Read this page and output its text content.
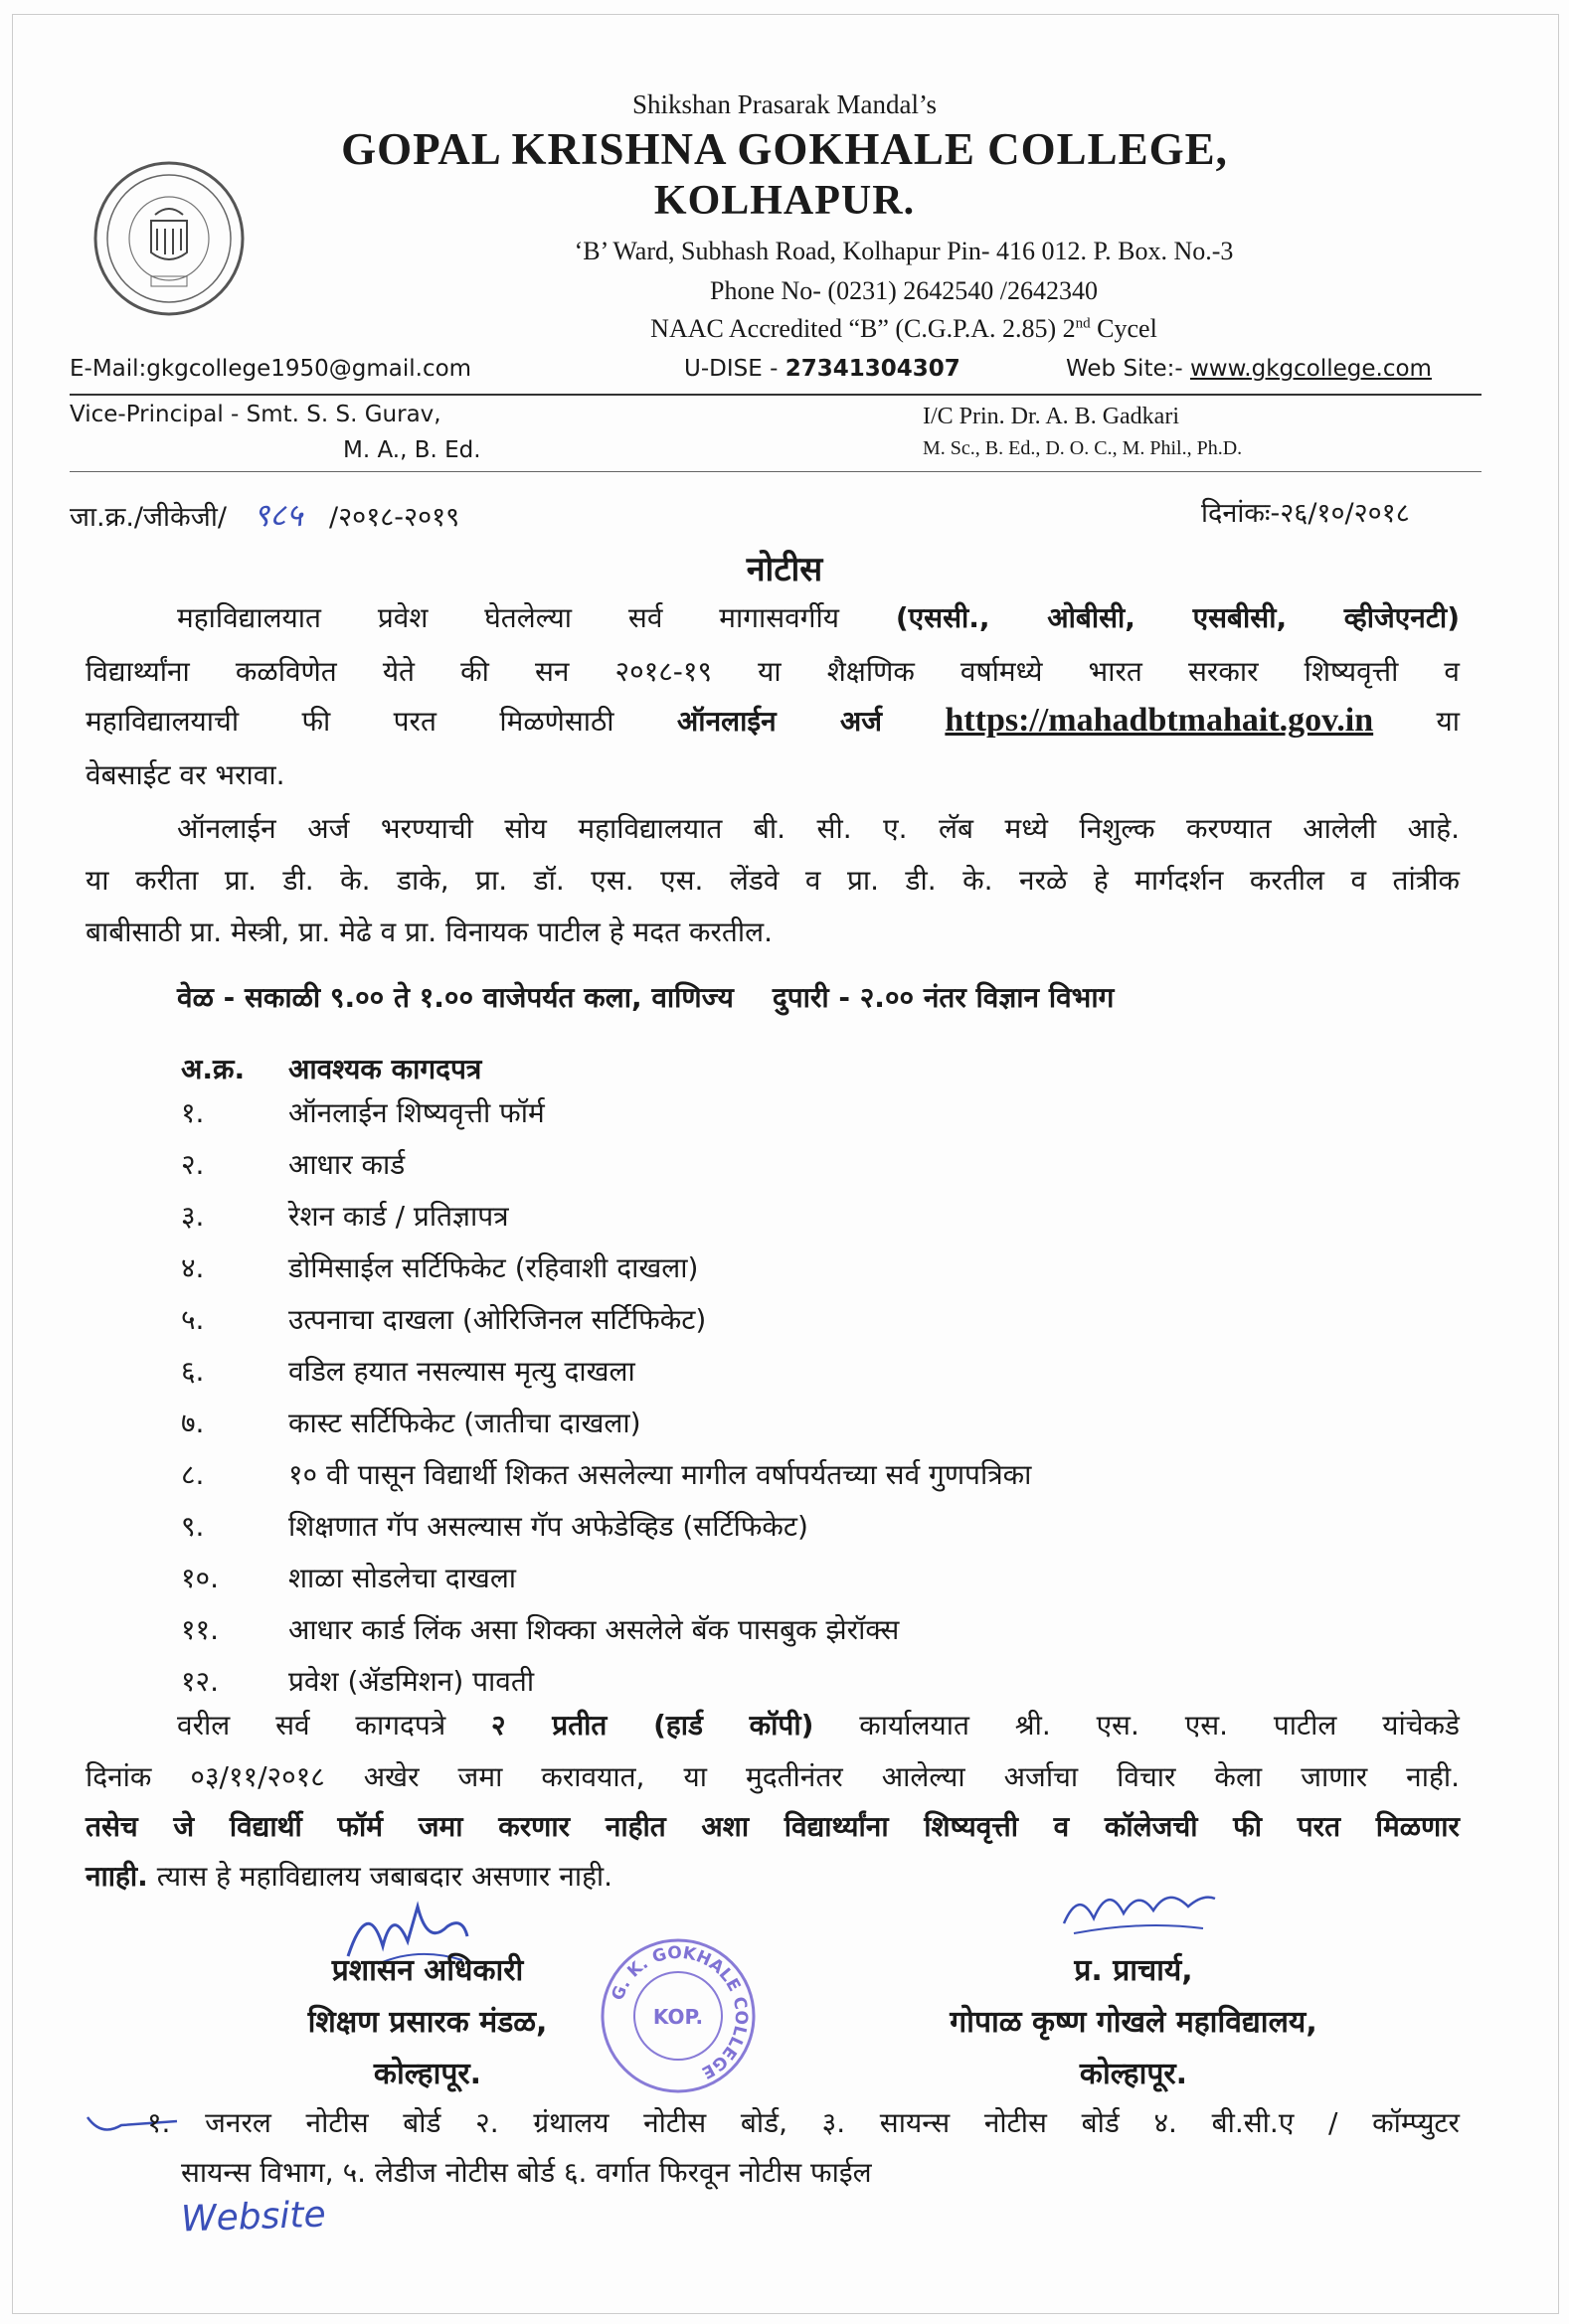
Shikshan Prasarak Mandal’s
GOPAL KRISHNA GOKHALE COLLEGE,
KOLHAPUR.
‘B’ Ward, Subhash Road, Kolhapur Pin- 416 012. P. Box. No.-3
Phone No- (0231) 2642540 /2642340
NAAC Accredited “B” (C.G.P.A. 2.85) 2nd Cycel
E-Mail:gkgcollege1950@gmail.com	U-DISE - 27341304307	Web Site:- www.gkgcollege.com
Vice-Principal - Smt. S. S. Gurav,
M. A., B. Ed.
I/C Prin. Dr. A. B. Gadkari
M. Sc., B. Ed., D. O. C., M. Phil., Ph.D.
जा.क्र./जीकेजी/ ९८५ /२०१८-२०१९	दिनांकः-२६/१०/२०१८
नोटीस
महाविद्यालयात प्रवेश घेतलेल्या सर्व मागासवर्गीय (एससी., ओबीसी, एसबीसी, व्हीजेएनटी)
विद्यार्थ्यांना कळविणेत येते की सन २०१८-१९ या शैक्षणिक वर्षामध्ये भारत सरकार शिष्यवृत्ती व
महाविद्यालयाची फी परत मिळणेसाठी ऑनलाईन अर्ज https://mahadbtmahait.gov.in या
वेबसाईट वर भरावा.
ऑनलाईन अर्ज भरण्याची सोय महाविद्यालयात बी. सी. ए. लॅब मध्ये निशुल्क करण्यात आलेली आहे.
या करीता प्रा. डी. के. डाके, प्रा. डॉ. एस. एस. लेंडवे व प्रा. डी. के. नरळे हे मार्गदर्शन करतील व तांत्रीक
बाबीसाठी प्रा. मेस्त्री, प्रा. मेढे व प्रा. विनायक पाटील हे मदत करतील.
वेळ - सकाळी ९.०० ते १.०० वाजेपर्यत कला, वाणिज्य    दुपारी - २.०० नंतर विज्ञान विभाग
अ.क्र. आवश्यक कागदपत्र
१.	ऑनलाईन शिष्यवृत्ती फॉर्म
२.	आधार कार्ड
३.	रेशन कार्ड / प्रतिज्ञापत्र
४.	डोमिसाईल सर्टिफिकेट (रहिवाशी दाखला)
५.	उत्पनाचा दाखला (ओरिजिनल सर्टिफिकेट)
६.	वडिल हयात नसल्यास मृत्यु दाखला
७.	कास्ट सर्टिफिकेट (जातीचा दाखला)
८.	१० वी पासून विद्यार्थी शिकत असलेल्या मागील वर्षापर्यतच्या सर्व गुणपत्रिका
९.	शिक्षणात गॅप असल्यास गॅप अफेडेव्हिड (सर्टिफिकेट)
१०.	शाळा सोडलेचा दाखला
११.	आधार कार्ड लिंक असा शिक्का असलेले बॅक पासबुक झेरॉक्स
१२.	प्रवेश (ॲडमिशन) पावती
वरील सर्व कागदपत्रे २ प्रतीत (हार्ड कॉपी) कार्यालयात श्री. एस. एस. पाटील यांचेकडे
दिनांक ०३/११/२०१८ अखेर जमा करावयात, या मुदतीनंतर आलेल्या अर्जाचा विचार केला जाणार नाही.
तसेच जे विद्यार्थी फॉर्म जमा करणार नाहीत अशा विद्यार्थ्यांना शिष्यवृत्ती व कॉलेजची फी परत मिळणार
नााही. त्यास हे महाविद्यालय जबाबदार असणार नाही.
प्रशासन अधिकारी
शिक्षण प्रसारक मंडळ,
कोल्हापूर.
प्र. प्राचार्य,
गोपाळ कृष्ण गोखले महाविद्यालय,
कोल्हापूर.
G. K. GOKHALE COLLEGE
KOP.
१. जनरल नोटीस बोर्ड २. ग्रंथालय नोटीस बोर्ड, ३. सायन्स नोटीस बोर्ड ४. बी.सी.ए / कॉम्प्युटर
सायन्स विभाग, ५. लेडीज नोटीस बोर्ड ६. वर्गात फिरवून नोटीस फाईल
Website
